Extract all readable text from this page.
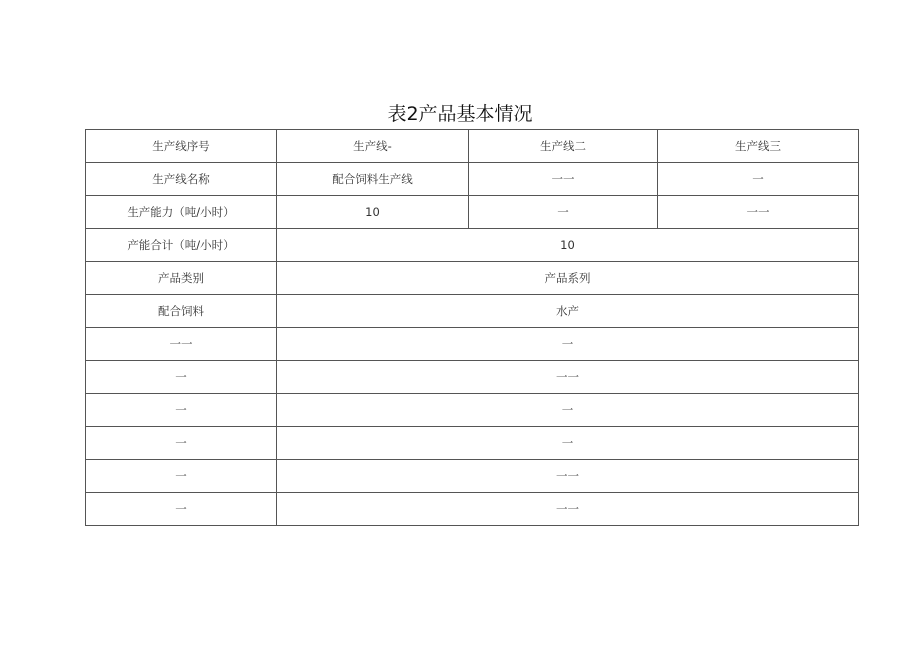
表2产品基本情况
生产线序号	生产线-	生产线二	生产线三
生产线名称	配合饲料生产线	一一	一
生产能力（吨/小时）	10	一	一一
产能合计（吨/小时）	10		
产品类别	产品系列		
配合饲料	水产		
一一	一		
一	一一		
一	一		
一	一		
一	一一		
一	一一		
